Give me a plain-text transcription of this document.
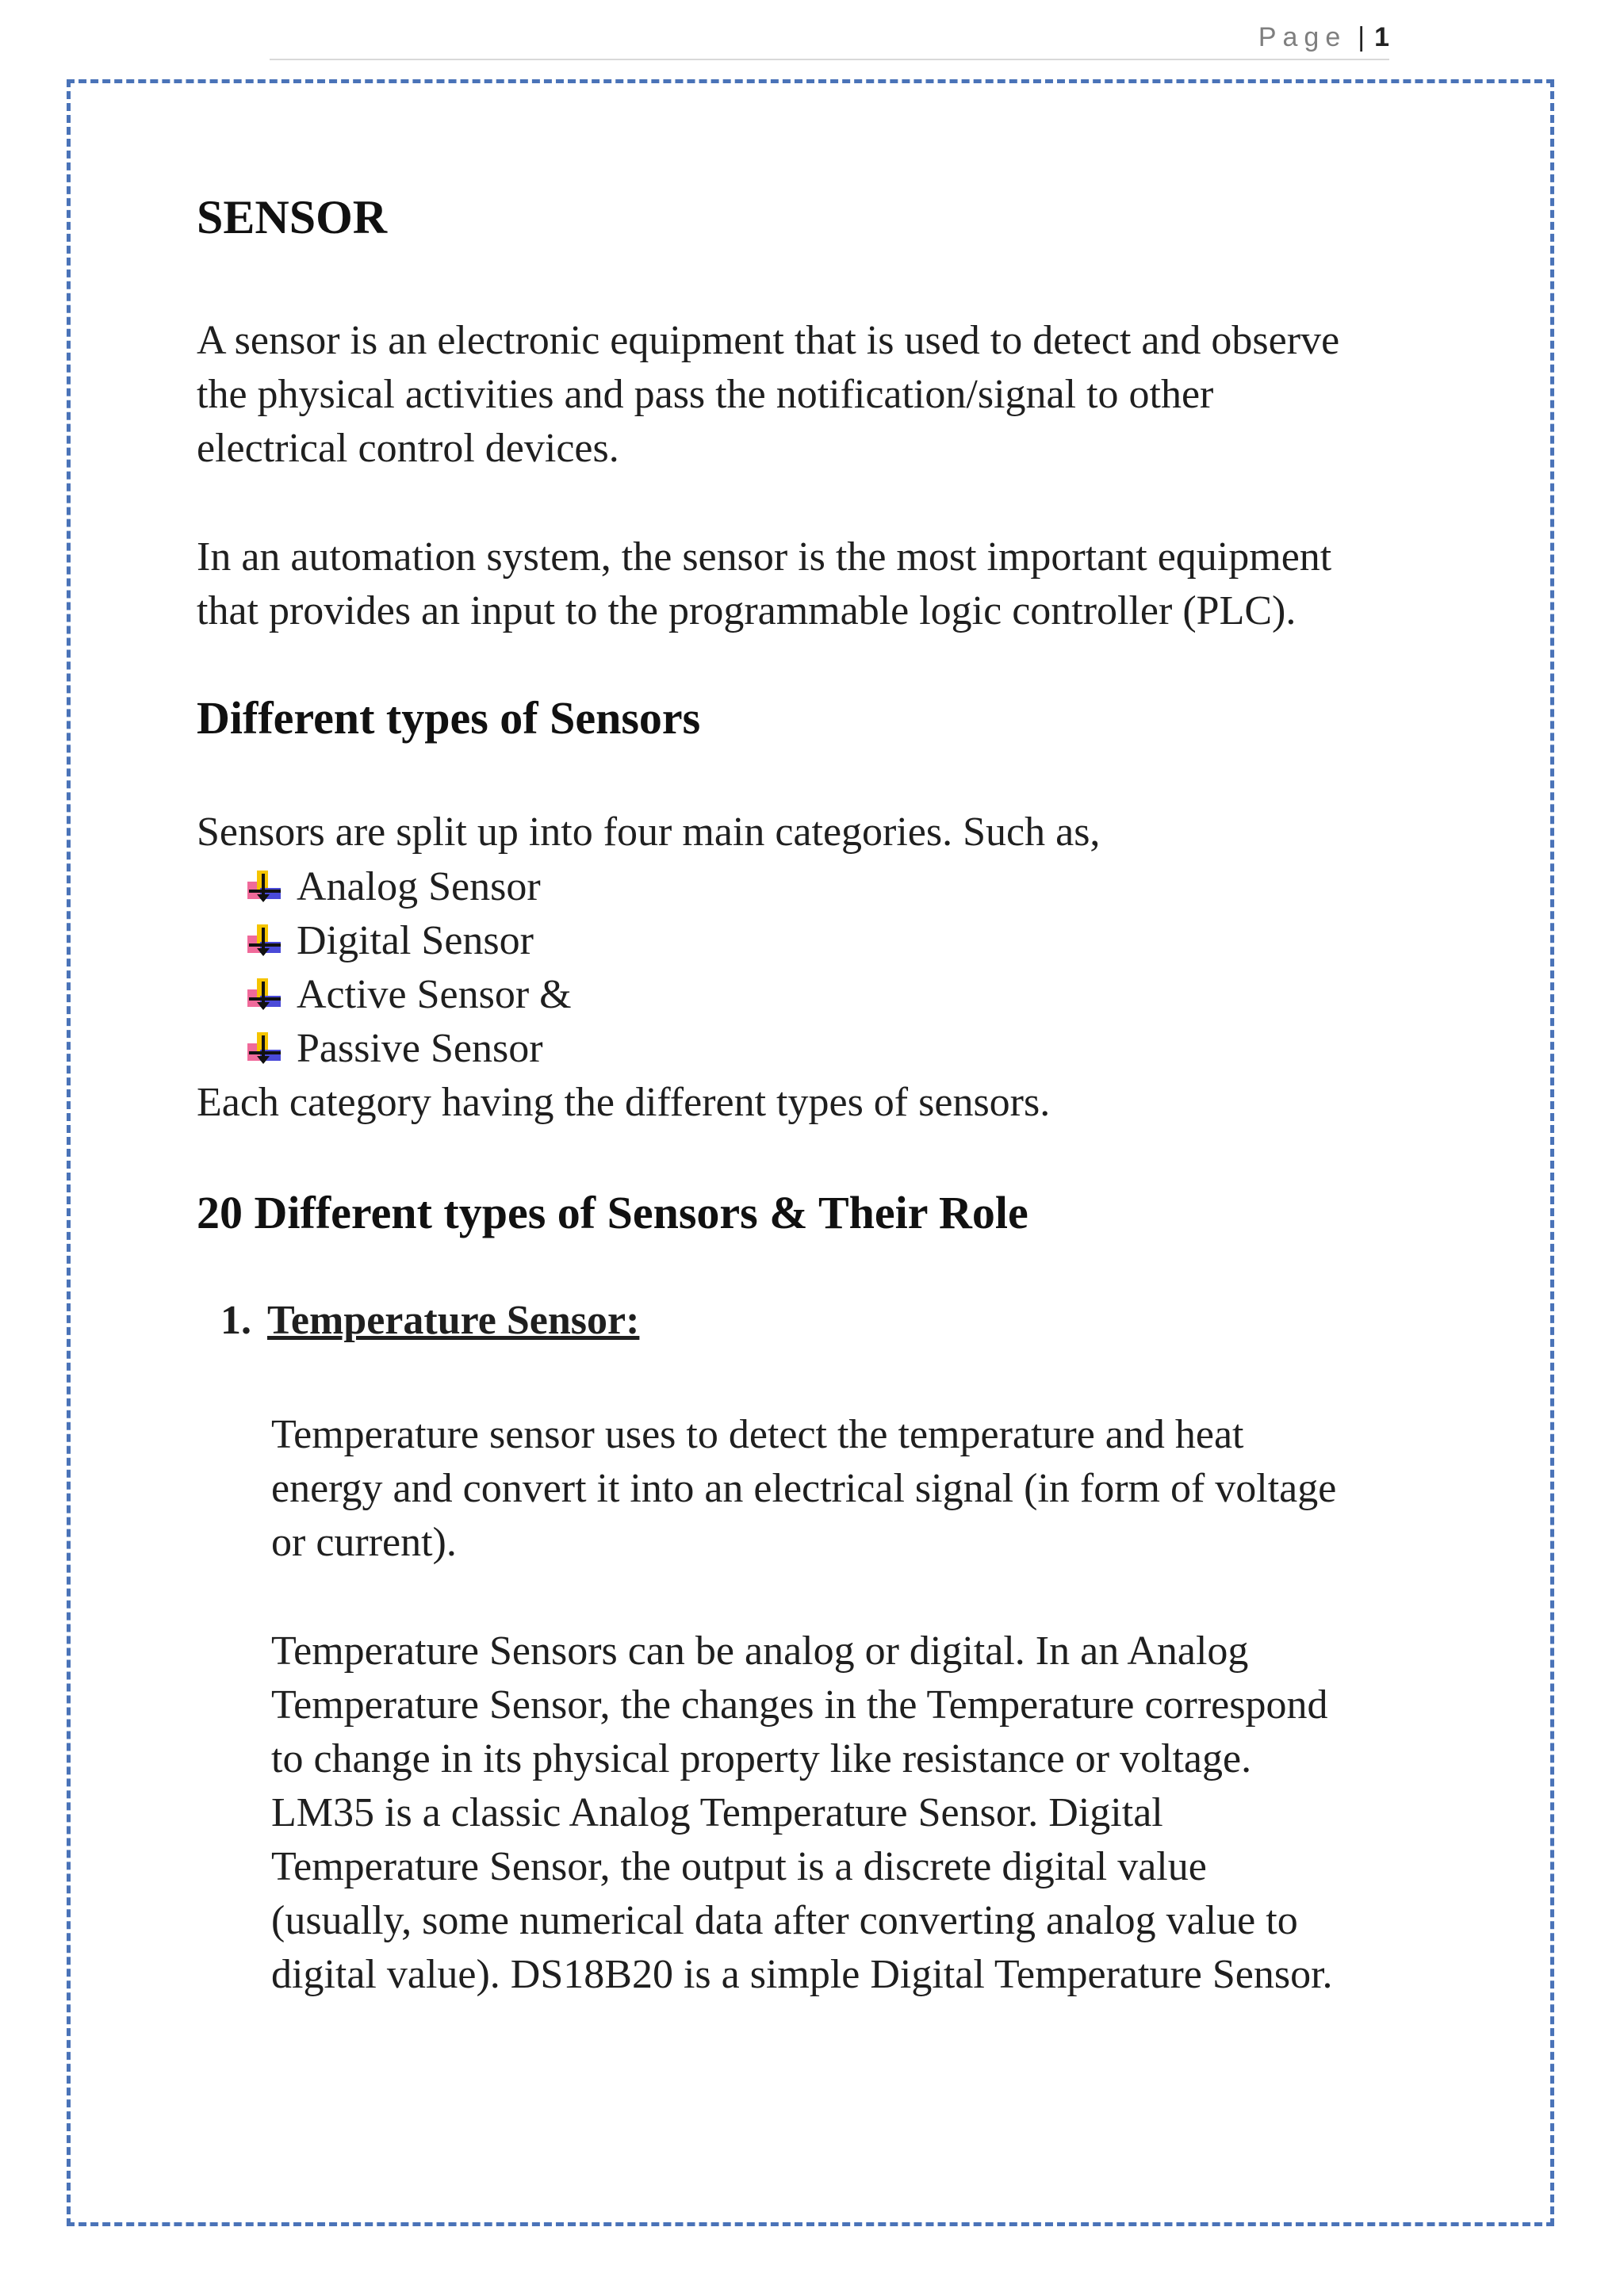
Page | 1
SENSOR

A sensor is an electronic equipment that is used to detect and observe
the physical activities and pass the notification/signal to other
electrical control devices.

In an automation system, the sensor is the most important equipment
that provides an input to the programmable logic controller (PLC).

Different types of Sensors

Sensors are split up into four main categories. Such as,

Analog Sensor
Digital Sensor
Active Sensor &
Passive Sensor

Each category having the different types of sensors.

20 Different types of Sensors & Their Role
1. Temperature Sensor:

Temperature sensor uses to detect the temperature and heat
energy and convert it into an electrical signal (in form of voltage
or current).

Temperature Sensors can be analog or digital. In an Analog
Temperature Sensor, the changes in the Temperature correspond
to change in its physical property like resistance or voltage.
LM35 is a classic Analog Temperature Sensor. Digital
Temperature Sensor, the output is a discrete digital value
(usually, some numerical data after converting analog value to
digital value). DS18B20 is a simple Digital Temperature Sensor.
